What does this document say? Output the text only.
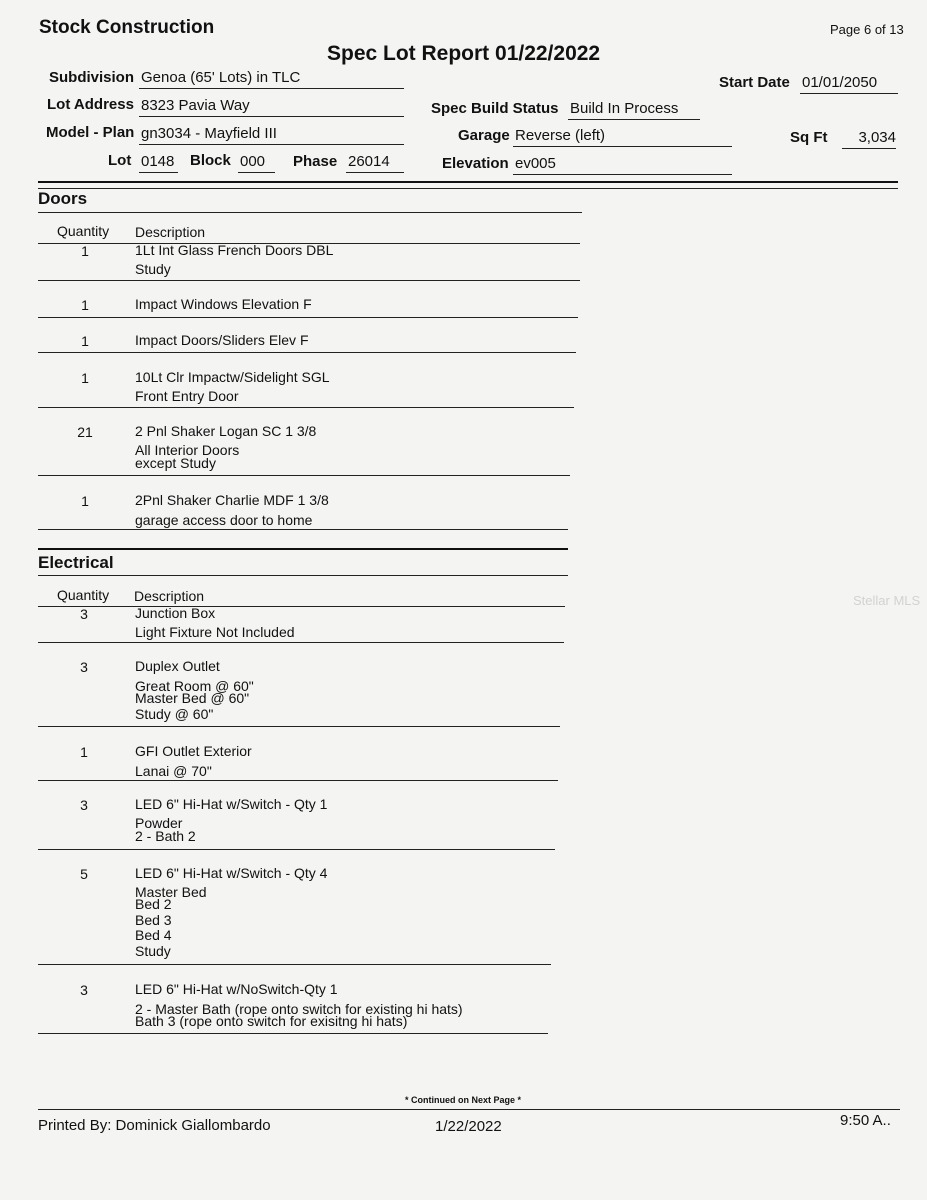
Stock Construction	Page 6 of 13
Spec Lot Report 01/22/2022
Subdivision Genoa (65' Lots) in TLC	Start Date 01/01/2050
Lot Address 8323 Pavia Way	Spec Build Status Build In Process
Model - Plan gn3034 - Mayfield III	Garage Reverse (left)	Sq Ft	3,034
Lot 0148 Block 000	Phase 26014	Elevation ev005
Doors
Quantity Description
1	1Lt Int Glass French Doors DBL
Study
1	Impact Windows Elevation F
1	Impact Doors/Sliders Elev F
1	10Lt Clr Impactw/Sidelight SGL
Front Entry Door
21	2 Pnl Shaker Logan SC 1 3/8
All Interior Doors
except Study
1	2Pnl Shaker Charlie MDF 1 3/8
garage access door to home
Electrical
Quantity Description
3	Junction Box
Light Fixture Not Included
3	Duplex Outlet
Great Room @ 60"
Master Bed @ 60"
Study @ 60"
1	GFI Outlet Exterior
Lanai @ 70"
3	LED 6" Hi-Hat w/Switch - Qty 1
Powder
2 - Bath 2
5	LED 6" Hi-Hat w/Switch - Qty 4
Master Bed
Bed 2
Bed 3
Bed 4
Study
3	LED 6" Hi-Hat w/NoSwitch-Qty 1
2 - Master Bath (rope onto switch for existing hi hats)
Bath 3 (rope onto switch for exisitng hi hats)
* Continued on Next Page *
Printed By: Dominick Giallombardo	1/22/2022	9:50 A..
Stellar MLS
